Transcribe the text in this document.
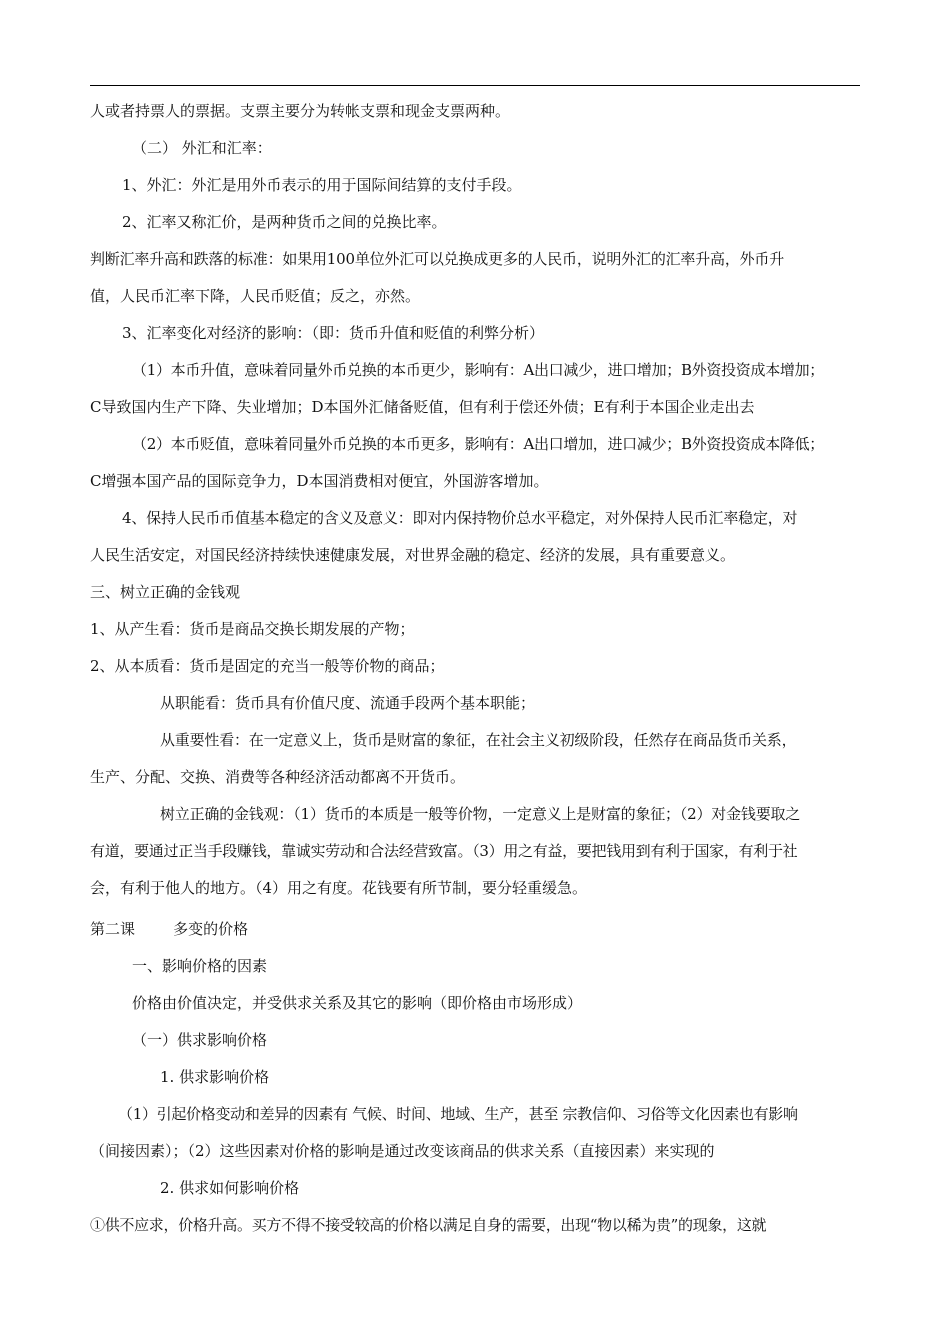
人或者持票人的票据。支票主要分为转帐支票和现金支票两种。
（二） 外汇和汇率：
1、外汇：外汇是用外币表示的用于国际间结算的支付手段。
2、汇率又称汇价，是两种货币之间的兑换比率。
判断汇率升高和跌落的标准：如果用100单位外汇可以兑换成更多的人民币，说明外汇的汇率升高，外币升
值，人民币汇率下降，人民币贬值；反之，亦然。
3、汇率变化对经济的影响：（即：货币升值和贬值的利弊分析）
（1）本币升值，意味着同量外币兑换的本币更少，影响有：A出口减少，进口增加；B外资投资成本增加；
C导致国内生产下降、失业增加；D本国外汇储备贬值，但有利于偿还外债；E有利于本国企业走出去
（2）本币贬值，意味着同量外币兑换的本币更多，影响有：A出口增加，进口减少；B外资投资成本降低；
C增强本国产品的国际竞争力，D本国消费相对便宜，外国游客增加。
4、保持人民币币值基本稳定的含义及意义：即对内保持物价总水平稳定，对外保持人民币汇率稳定，对
人民生活安定，对国民经济持续快速健康发展，对世界金融的稳定、经济的发展，具有重要意义。
三、树立正确的金钱观
1、从产生看：货币是商品交换长期发展的产物；
2、从本质看：货币是固定的充当一般等价物的商品；
从职能看：货币具有价值尺度、流通手段两个基本职能；
从重要性看：在一定意义上，货币是财富的象征，在社会主义初级阶段，任然存在商品货币关系，
生产、分配、交换、消费等各种经济活动都离不开货币。
树立正确的金钱观：（1）货币的本质是一般等价物，一定意义上是财富的象征；（2）对金钱要取之
有道，要通过正当手段赚钱，靠诚实劳动和合法经营致富。（3）用之有益，要把钱用到有利于国家，有利于社
会，有利于他人的地方。（4）用之有度。花钱要有所节制，要分轻重缓急。
第二课        多变的价格
一、影响价格的因素
价格由价值决定，并受供求关系及其它的影响（即价格由市场形成）
（一）供求影响价格
1. 供求影响价格
（1）引起价格变动和差异的因素有 气候、时间、地域、生产，甚至 宗教信仰、习俗等文化因素也有影响
（间接因素）；（2）这些因素对价格的影响是通过改变该商品的供求关系（直接因素）来实现的
2. 供求如何影响价格
①供不应求，价格升高。买方不得不接受较高的价格以满足自身的需要，出现“物以稀为贵”的现象，这就
